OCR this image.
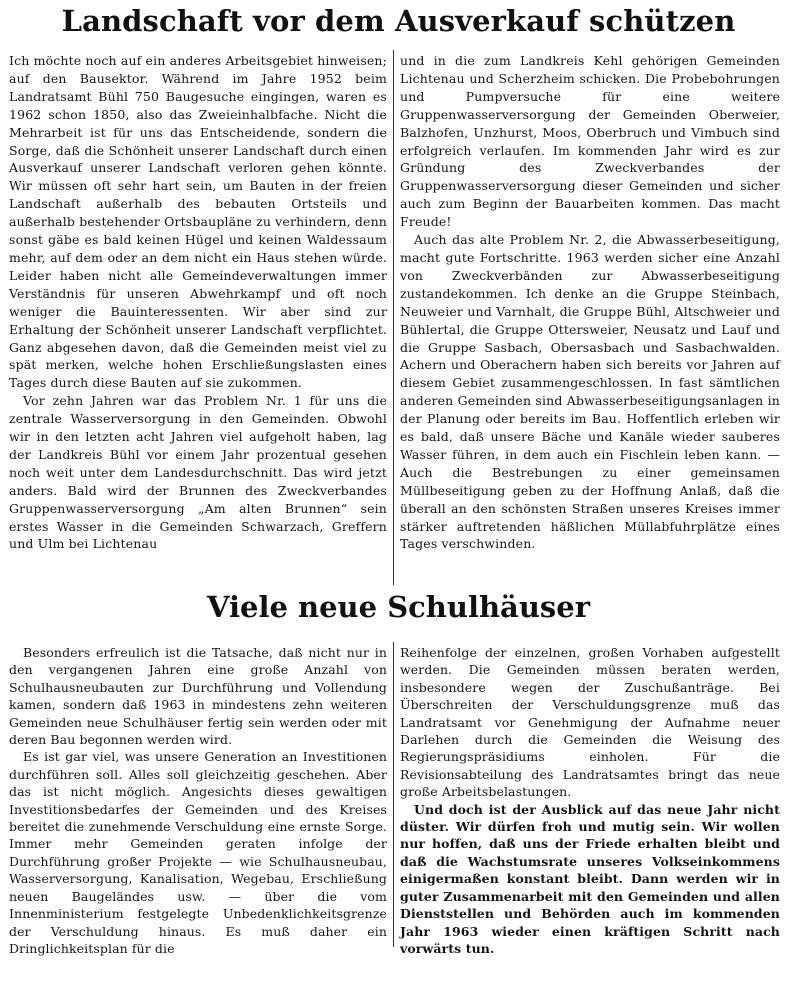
Landschaft vor dem Ausverkauf schützen

Ich möchte noch auf ein anderes Arbeitsgebiet hinweisen; auf den Bausektor. Während im Jahre 1952 beim Landratsamt Bühl 750 Baugesuche eingingen, waren es 1962 schon 1850, also das Zweieinhalbfache. Nicht die Mehrarbeit ist für uns das Entscheidende, sondern die Sorge, daß die Schönheit unserer Landschaft durch einen Ausverkauf unserer Landschaft verloren gehen könnte. Wir müssen oft sehr hart sein, um Bauten in der freien Landschaft außerhalb des bebauten Ortsteils und außerhalb bestehender Ortsbaupläne zu verhindern, denn sonst gäbe es bald keinen Hügel und keinen Waldessaum mehr, auf dem oder an dem nicht ein Haus stehen würde. Leider haben nicht alle Gemeindeverwaltungen immer Verständnis für unseren Abwehrkampf und oft noch weniger die Bauinteressenten. Wir aber sind zur Erhaltung der Schönheit unserer Landschaft verpflichtet. Ganz abgesehen davon, daß die Gemeinden meist viel zu spät merken, welche hohen Erschließungslasten eines Tages durch diese Bauten auf sie zukommen.

Vor zehn Jahren war das Problem Nr. 1 für uns die zentrale Wasserversorgung in den Gemeinden. Obwohl wir in den letzten acht Jahren viel aufgeholt haben, lag der Landkreis Bühl vor einem Jahr prozentual gesehen noch weit unter dem Landesdurchschnitt. Das wird jetzt anders. Bald wird der Brunnen des Zweckverbandes Gruppenwasserversorgung „Am alten Brunnen“ sein erstes Wasser in die Gemeinden Schwarzach, Greffern und Ulm bei Lichtenau

und in die zum Landkreis Kehl gehörigen Gemeinden Lichtenau und Scherzheim schicken. Die Probebohrungen und Pumpversuche für eine weitere Gruppenwasserversorgung der Gemeinden Oberweier, Balzhofen, Unzhurst, Moos, Oberbruch und Vimbuch sind erfolgreich verlaufen. Im kommenden Jahr wird es zur Gründung des Zweckverbandes der Gruppenwasserversorgung dieser Gemeinden und sicher auch zum Beginn der Bauarbeiten kommen. Das macht Freude!

Auch das alte Problem Nr. 2, die Abwasserbeseitigung, macht gute Fortschritte. 1963 werden sicher eine Anzahl von Zweckverbänden zur Abwasserbeseitigung zustandekommen. Ich denke an die Gruppe Steinbach, Neuweier und Varnhalt, die Gruppe Bühl, Altschweier und Bühlertal, die Gruppe Ottersweier, Neusatz und Lauf und die Gruppe Sasbach, Obersasbach und Sasbachwalden. Achern und Oberachern haben sich bereits vor Jahren auf diesem Gebiet zusammengeschlossen. In fast sämtlichen anderen Gemeinden sind Abwasserbeseitigungsanlagen in der Planung oder bereits im Bau. Hoffentlich erleben wir es bald, daß unsere Bäche und Kanäle wieder sauberes Wasser führen, in dem auch ein Fischlein leben kann. — Auch die Bestrebungen zu einer gemeinsamen Müllbeseitigung geben zu der Hoffnung Anlaß, daß die überall an den schönsten Straßen unseres Kreises immer stärker auftretenden häßlichen Müllabfuhrplätze eines Tages verschwinden.

Viele neue Schulhäuser

Besonders erfreulich ist die Tatsache, daß nicht nur in den vergangenen Jahren eine große Anzahl von Schulhausneubauten zur Durchführung und Vollendung kamen, sondern daß 1963 in mindestens zehn weiteren Gemeinden neue Schulhäuser fertig sein werden oder mit deren Bau begonnen werden wird.

Es ist gar viel, was unsere Generation an Investitionen durchführen soll. Alles soll gleichzeitig geschehen. Aber das ist nicht möglich. Angesichts dieses gewaltigen Investitionsbedarfes der Gemeinden und des Kreises bereitet die zunehmende Verschuldung eine ernste Sorge. Immer mehr Gemeinden geraten infolge der Durchführung großer Projekte — wie Schulhausneubau, Wasserversorgung, Kanalisation, Wegebau, Erschließung neuen Baugeländes usw. — über die vom Innenministerium festgelegte Unbedenklichkeitsgrenze der Verschuldung hinaus. Es muß daher ein Dringlichkeitsplan für die

Reihenfolge der einzelnen, großen Vorhaben aufgestellt werden. Die Gemeinden müssen beraten werden, insbesondere wegen der Zuschußanträge. Bei Überschreiten der Verschuldungsgrenze muß das Landratsamt vor Genehmigung der Aufnahme neuer Darlehen durch die Gemeinden die Weisung des Regierungspräsidiums einholen. Für die Revisionsabteilung des Landratsamtes bringt das neue große Arbeitsbelastungen.

Und doch ist der Ausblick auf das neue Jahr nicht düster. Wir dürfen froh und mutig sein. Wir wollen nur hoffen, daß uns der Friede erhalten bleibt und daß die Wachstumsrate unseres Volkseinkommens einigermaßen konstant bleibt. Dann werden wir in guter Zusammenarbeit mit den Gemeinden und allen Dienststellen und Behörden auch im kommenden Jahr 1963 wieder einen kräftigen Schritt nach vorwärts tun.
